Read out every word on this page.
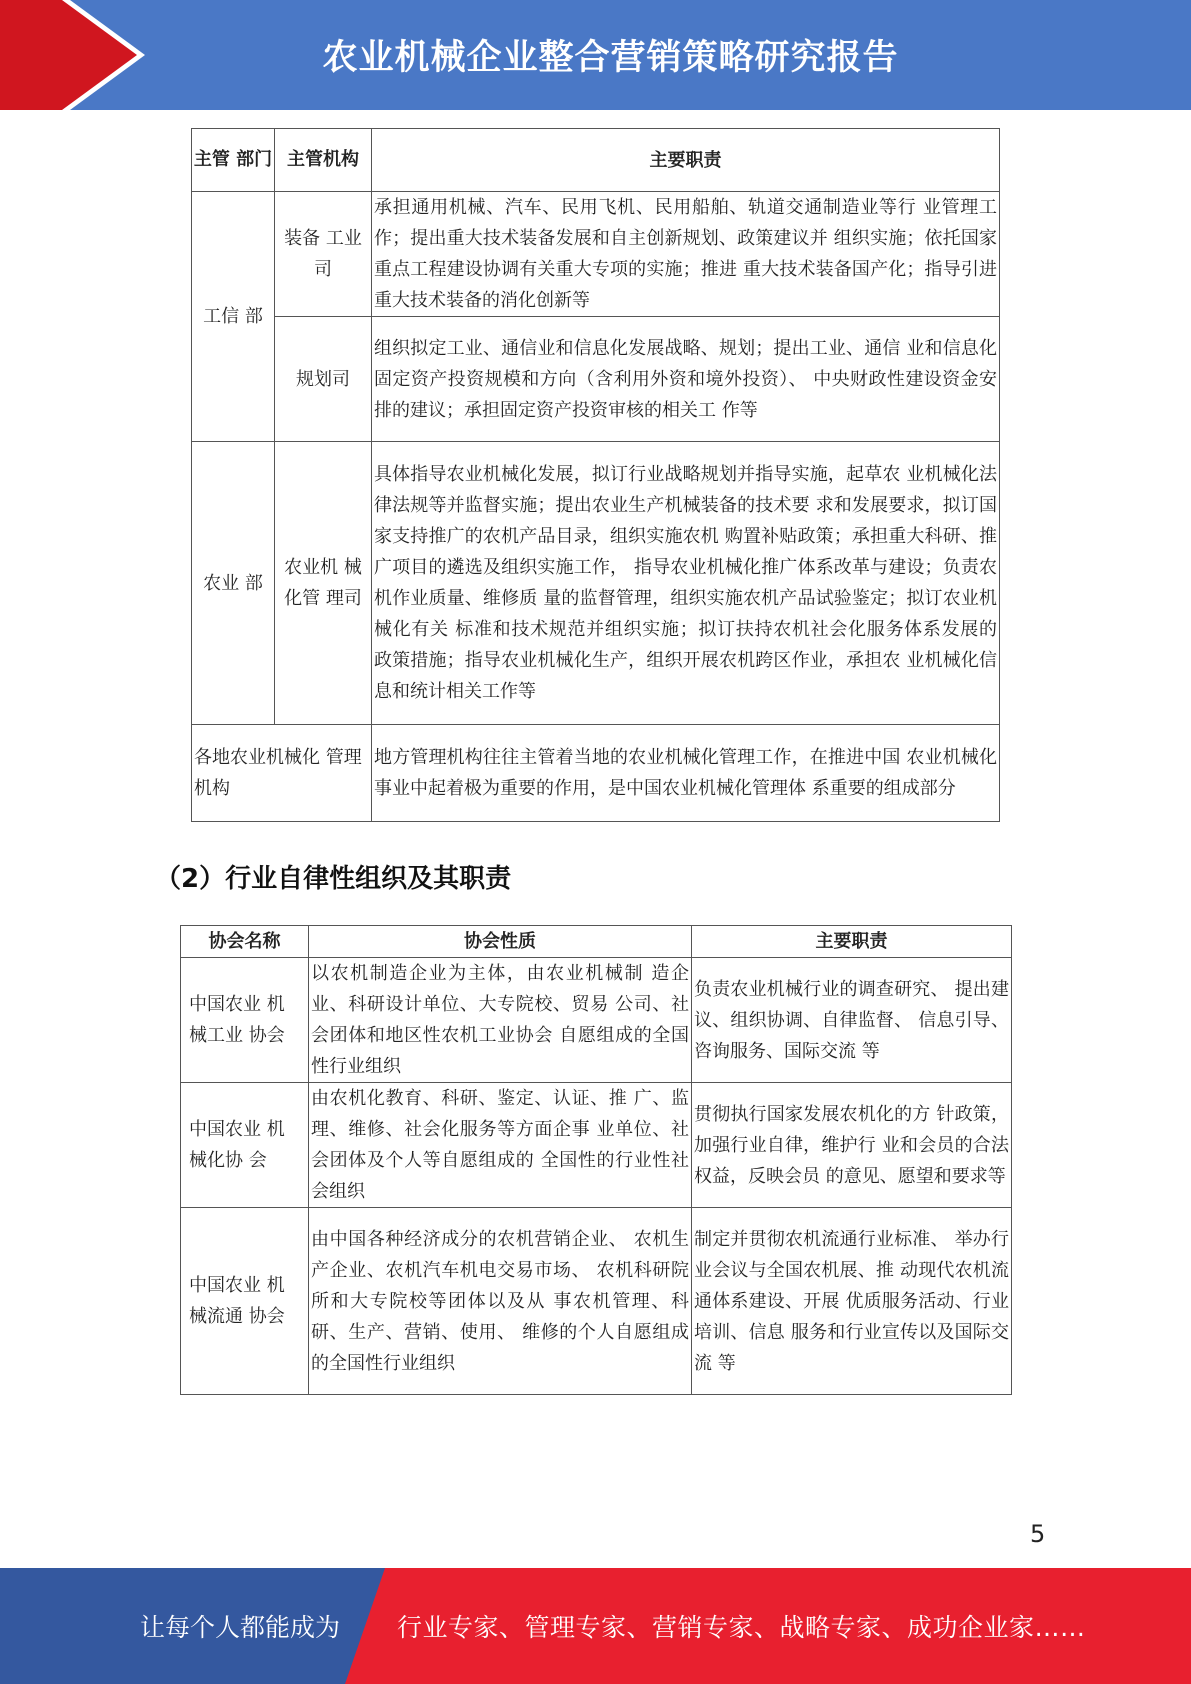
农业机械企业整合营销策略研究报告
主管 部门	主管机构	主要职责
工信 部	装备 工业司	承担通用机械、汽车、民用飞机、民用船舶、轨道交通制造业等行 业管理工作；提出重大技术装备发展和自主创新规划、政策建议并 组织实施；依托国家重点工程建设协调有关重大专项的实施；推进 重大技术装备国产化；指导引进重大技术装备的消化创新等

	规划司	组织拟定工业、通信业和信息化发展战略、规划；提出工业、通信 业和信息化固定资产投资规模和方向（含利用外资和境外投资）、 中央财政性建设资金安排的建议；承担固定资产投资审核的相关工 作等

农业 部	农业机 械化管 理司	具体指导农业机械化发展，拟订行业战略规划并指导实施，起草农 业机械化法律法规等并监督实施；提出农业生产机械装备的技术要 求和发展要求，拟订国家支持推广的农机产品目录，组织实施农机 购置补贴政策；承担重大科研、推广项目的遴选及组织实施工作， 指导农业机械化推广体系改革与建设；负责农机作业质量、维修质 量的监督管理，组织实施农机产品试验鉴定；拟订农业机械化有关 标准和技术规范并组织实施；拟订扶持农机社会化服务体系发展的 政策措施；指导农业机械化生产，组织开展农机跨区作业，承担农 业机械化信息和统计相关工作等

各地农业机械化 管理机构		地方管理机构往往主管着当地的农业机械化管理工作，在推进中国 农业机械化事业中起着极为重要的作用，是中国农业机械化管理体 系重要的组成部分
（2）行业自律性组织及其职责
协会名称	协会性质	主要职责
中国农业 机械工业 协会	以农机制造企业为主体，由农业机械制 造企业、科研设计单位、大专院校、贸易 公司、社会团体和地区性农机工业协会 自愿组成的全国性行业组织	负责农业机械行业的调查研究、 提出建议、组织协调、自律监督、 信息引导、咨询服务、国际交流 等

中国农业 机械化协 会	由农机化教育、科研、鉴定、认证、推 广、监理、维修、社会化服务等方面企事 业单位、社会团体及个人等自愿组成的 全国性的行业性社会组织	贯彻执行国家发展农机化的方 针政策，加强行业自律，维护行 业和会员的合法权益，反映会员 的意见、愿望和要求等

中国农业 机械流通 协会	由中国各种经济成分的农机营销企业、 农机生产企业、农机汽车机电交易市场、 农机科研院所和大专院校等团体以及从 事农机管理、科研、生产、营销、使用、 维修的个人自愿组成的全国性行业组织	制定并贯彻农机流通行业标准、 举办行业会议与全国农机展、推 动现代农机流通体系建设、开展 优质服务活动、行业培训、信息 服务和行业宣传以及国际交流 等
5
让每个人都能成为 行业专家、管理专家、营销专家、战略专家、成功企业家……
